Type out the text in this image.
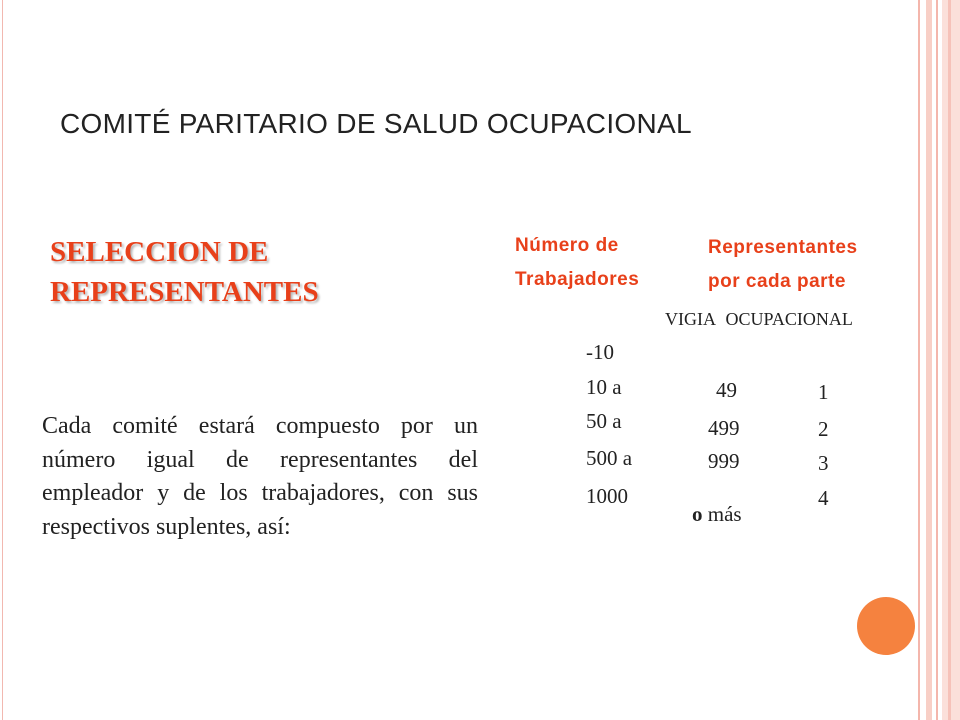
COMITÉ PARITARIO DE SALUD OCUPACIONAL
SELECCION DE
REPRESENTANTES

Cada comité estará compuesto por un número igual de representantes del empleador y de los trabajadores, con sus respectivos suplentes, así:

Número de
Trabajadores
Representantes
por cada parte
VIGIA OCUPACIONAL
-10
10 a
50 a
500 a
1000
49
499
999
o más
1
2
3
4
